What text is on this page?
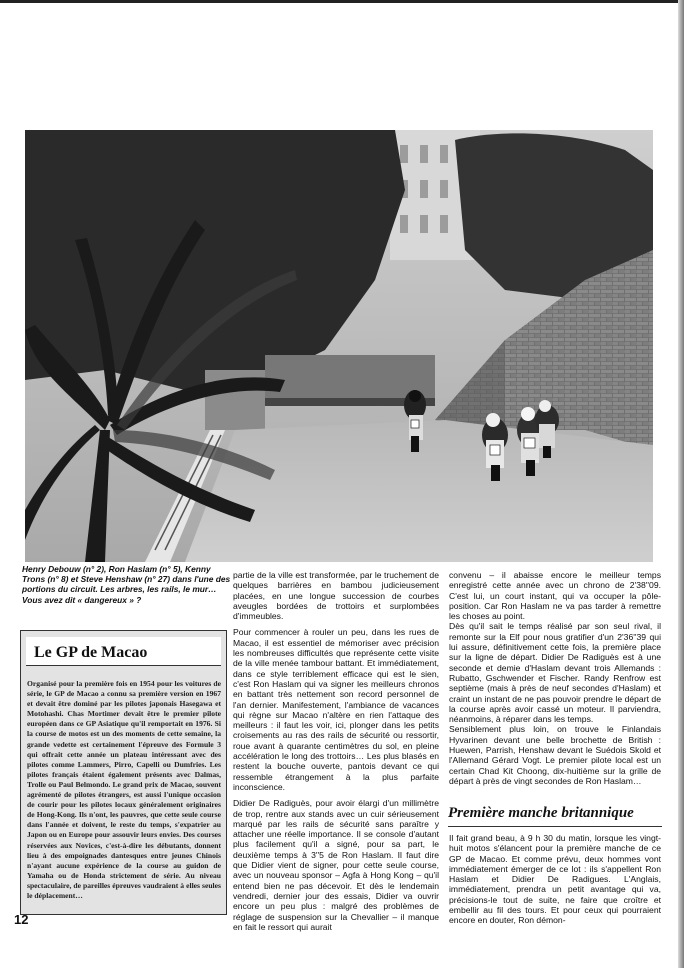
Henry Debouw (n° 2), Ron Haslam (n° 5), Kenny Trons (n° 8) et Steve Henshaw (n° 27) dans l'une des portions du circuit. Les arbres, les rails, le mur… Vous avez dit « dangereux » ?
Le GP de Macao
Organisé pour la première fois en 1954 pour les voitures de série, le GP de Macao a connu sa première version en 1967 et devait être dominé par les pilotes japonais Hasegawa et Motohashi. Chas Mortimer devait être le premier pilote européen dans ce GP Asiatique qu'il remportait en 1976. Si la course de motos est un des moments de cette semaine, la grande vedette est certainement l'épreuve des Formule 3 qui offrait cette année un plateau intéressant avec des pilotes comme Lammers, Pirro, Capelli ou Dumfries. Les pilotes français étaient également présents avec Dalmas, Trolle ou Paul Belmondo. Le grand prix de Macao, souvent agrémenté de pilotes étrangers, est aussi l'unique occasion de courir pour les pilotes locaux généralement originaires de Hong-Kong. Ils n'ont, les pauvres, que cette seule course dans l'année et doivent, le reste du temps, s'expatrier au Japon ou en Europe pour assouvir leurs envies. Des courses réservées aux Novices, c'est-à-dire les débutants, donnent lieu à des empoignades dantesques entre jeunes Chinois n'ayant aucune expérience de la course au guidon de Yamaha ou de Honda strictement de série. Au niveau spectaculaire, de pareilles épreuves vaudraient à elles seules le déplacement…

partie de la ville est transformée, par le truchement de quelques barrières en bambou judicieusement placées, en une longue succession de courbes aveugles bordées de trottoirs et surplombées d'immeubles.

Pour commencer à rouler un peu, dans les rues de Macao, il est essentiel de mémoriser avec précision les nombreuses difficultés que représente cette visite de la ville menée tambour battant. Et immédiatement, dans ce style terriblement efficace qui est le sien, c'est Ron Haslam qui va signer les meilleurs chronos en battant très nettement son record personnel de l'an dernier. Manifestement, l'ambiance de vacances qui règne sur Macao n'altère en rien l'attaque des meilleurs : il faut les voir, ici, plonger dans les petits croisements au ras des rails de sécurité ou ressortir, roue avant à quarante centimètres du sol, en pleine accélération le long des trottoirs… Les plus blasés en restent la bouche ouverte, pantois devant ce qui ressemble étrangement à la plus parfaite inconscience.

Didier De Radiguès, pour avoir élargi d'un millimètre de trop, rentre aux stands avec un cuir sérieusement marqué par les rails de sécurité sans paraître y attacher une réelle importance. Il se console d'autant plus facilement qu'il a signé, pour sa part, le deuxième temps à 3''5 de Ron Haslam. Il faut dire que Didier vient de signer, pour cette seule course, avec un nouveau sponsor – Agfa à Hong Kong – qu'il entend bien ne pas décevoir. Et dès le lendemain vendredi, dernier jour des essais, Didier va ouvrir encore un peu plus : malgré des problèmes de réglage de suspension sur la Chevallier – il manque en fait le ressort qui aurait

convenu – il abaisse encore le meilleur temps enregistré cette année avec un chrono de 2'38''09. C'est lui, un court instant, qui va occuper la pôle-position. Car Ron Haslam ne va pas tarder à remettre les choses au point.

Dès qu'il sait le temps réalisé par son seul rival, il remonte sur la Elf pour nous gratifier d'un 2'36''39 qui lui assure, définitivement cette fois, la première place sur la ligne de départ. Didier De Radiguès est à une seconde et demie d'Haslam devant trois Allemands : Rubatto, Gschwender et Fischer. Randy Renfrow est septième (mais à près de neuf secondes d'Haslam) et craint un instant de ne pas pouvoir prendre le départ de la course après avoir cassé un moteur. Il parviendra, néanmoins, à réparer dans les temps.

Sensiblement plus loin, on trouve le Finlandais Hyvarinen devant une belle brochette de British : Huewen, Parrish, Henshaw devant le Suédois Skold et l'Allemand Gérard Vogt. Le premier pilote local est un certain Chad Kit Choong, dix-huitième sur la grille de départ à près de vingt secondes de Ron Haslam…

Première manche britannique

Il fait grand beau, à 9 h 30 du matin, lorsque les vingt-huit motos s'élancent pour la première manche de ce GP de Macao. Et comme prévu, deux hommes vont immédiatement émerger de ce lot : ils s'appellent Ron Haslam et Didier De Radigues. L'Anglais, immédiatement, prendra un petit avantage qui va, précisions-le tout de suite, ne faire que croître et embellir au fil des tours. Et pour ceux qui pourraient encore en douter, Ron démon-

12
